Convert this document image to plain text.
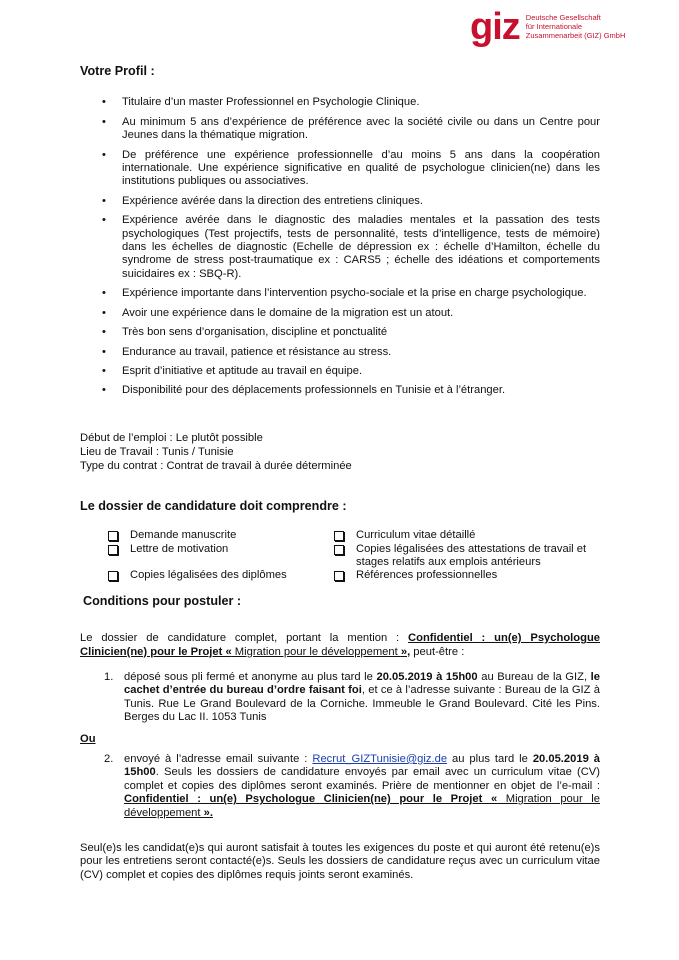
giz Deutsche Gesellschaft
für Internationale
Zusammenarbeit (GIZ) GmbH
Votre Profil :
• Titulaire d’un master Professionnel en Psychologie Clinique.
• Au minimum 5 ans d’expérience de préférence avec la société civile ou dans un Centre pour Jeunes dans la thématique migration.
• De préférence une expérience professionnelle d’au moins 5 ans dans la coopération internationale. Une expérience significative en qualité de psychologue clinicien(ne) dans les institutions publiques ou associatives.
• Expérience avérée dans la direction des entretiens cliniques.
• Expérience avérée dans le diagnostic des maladies mentales et la passation des tests psychologiques (Test projectifs, tests de personnalité, tests d’intelligence, tests de mémoire) dans les échelles de diagnostic (Echelle de dépression ex : échelle d’Hamilton, échelle du syndrome de stress post-traumatique ex : CARS5 ; échelle des idéations et comportements suicidaires ex : SBQ-R).
• Expérience importante dans l’intervention psycho-sociale et la prise en charge psychologique.
• Avoir une expérience dans le domaine de la migration est un atout.
• Très bon sens d’organisation, discipline et ponctualité
• Endurance au travail, patience et résistance au stress.
• Esprit d’initiative et aptitude au travail en équipe.
• Disponibilité pour des déplacements professionnels en Tunisie et à l’étranger.
Début de l’emploi : Le plutôt possible
Lieu de Travail : Tunis / Tunisie
Type du contrat : Contrat de travail à durée déterminée
Le dossier de candidature doit comprendre :
Demande manuscrite	Curriculum vitae détaillé
Lettre de motivation	Copies légalisées des attestations de travail et stages relatifs aux emplois antérieurs
Copies légalisées des diplômes	Références professionnelles
Conditions pour postuler :

Le dossier de candidature complet, portant la mention : Confidentiel : un(e) Psychologue Clinicien(ne) pour le Projet « Migration pour le développement », peut-être :

1. déposé sous pli fermé et anonyme au plus tard le 20.05.2019 à 15h00 au Bureau de la GIZ, le cachet d’entrée du bureau d’ordre faisant foi, et ce à l’adresse suivante : Bureau de la GIZ à Tunis. Rue Le Grand Boulevard de la Corniche. Immeuble le Grand Boulevard. Cité les Pins. Berges du Lac II. 1053 Tunis
Ou
2. envoyé à l’adresse email suivante : Recrut_GIZTunisie@giz.de au plus tard le 20.05.2019 à 15h00. Seuls les dossiers de candidature envoyés par email avec un curriculum vitae (CV) complet et copies des diplômes seront examinés. Prière de mentionner en objet de l’e-mail : Confidentiel : un(e) Psychologue Clinicien(ne) pour le Projet « Migration pour le développement ».

Seul(e)s les candidat(e)s qui auront satisfait à toutes les exigences du poste et qui auront été retenu(e)s pour les entretiens seront contacté(e)s. Seuls les dossiers de candidature reçus avec un curriculum vitae (CV) complet et copies des diplômes requis joints seront examinés.
